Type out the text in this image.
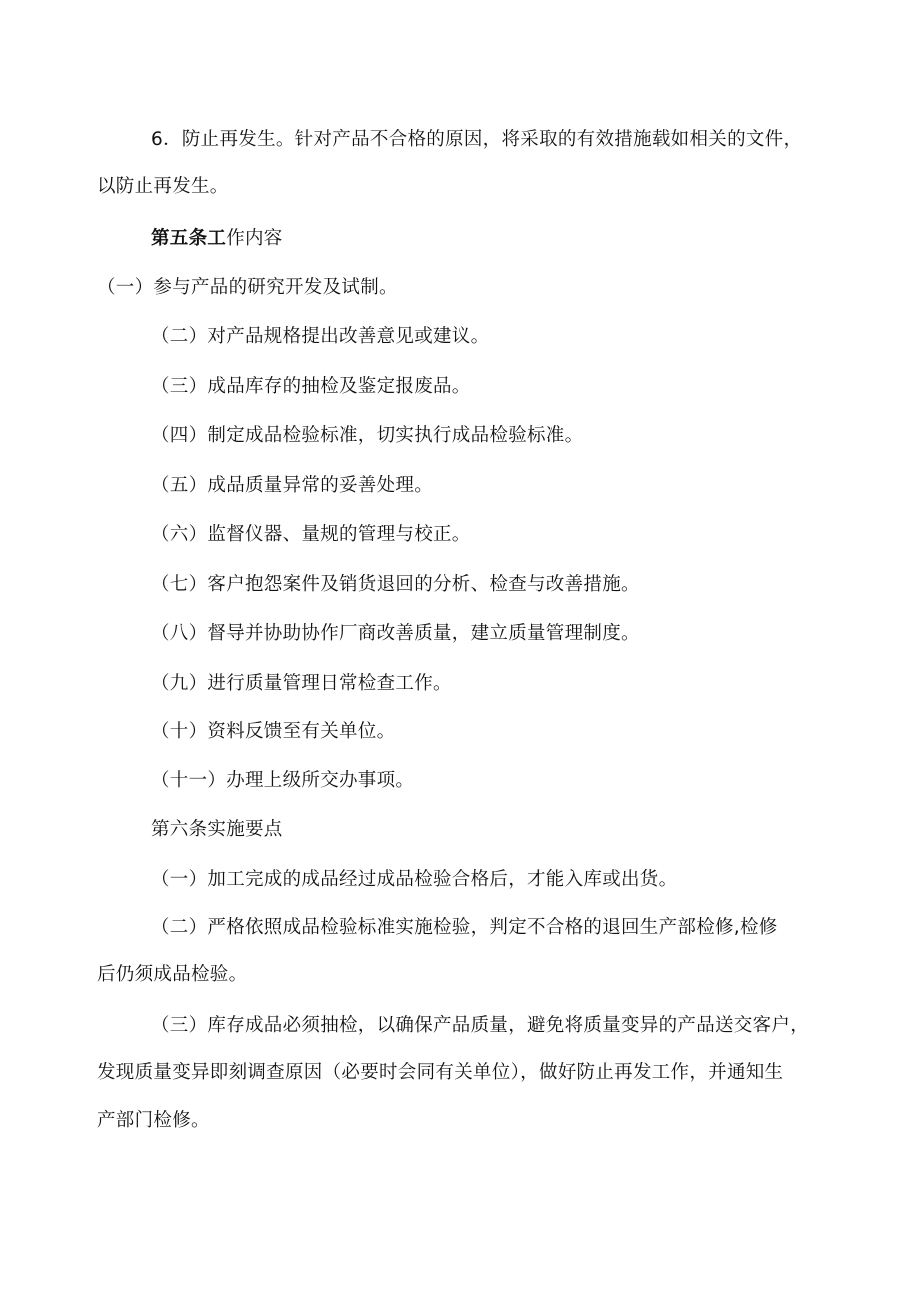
6．防止再发生。针对产品不合格的原因，将采取的有效措施载如相关的文件，
以防止再发生。
第五条工作内容
（一）参与产品的研究开发及试制。
（二）对产品规格提出改善意见或建议。
（三）成品库存的抽检及鉴定报废品。
（四）制定成品检验标准，切实执行成品检验标准。
（五）成品质量异常的妥善处理。
（六）监督仪器、量规的管理与校正。
（七）客户抱怨案件及销货退回的分析、检查与改善措施。
（八）督导并协助协作厂商改善质量，建立质量管理制度。
（九）进行质量管理日常检查工作。
（十）资料反馈至有关单位。
（十一）办理上级所交办事项。
第六条实施要点
（一）加工完成的成品经过成品检验合格后，才能入库或出货。
（二）严格依照成品检验标准实施检验，判定不合格的退回生产部检修,检修
后仍须成品检验。
（三）库存成品必须抽检，以确保产品质量，避免将质量变异的产品送交客户，
发现质量变异即刻调查原因（必要时会同有关单位），做好防止再发工作，并通知生
产部门检修。
